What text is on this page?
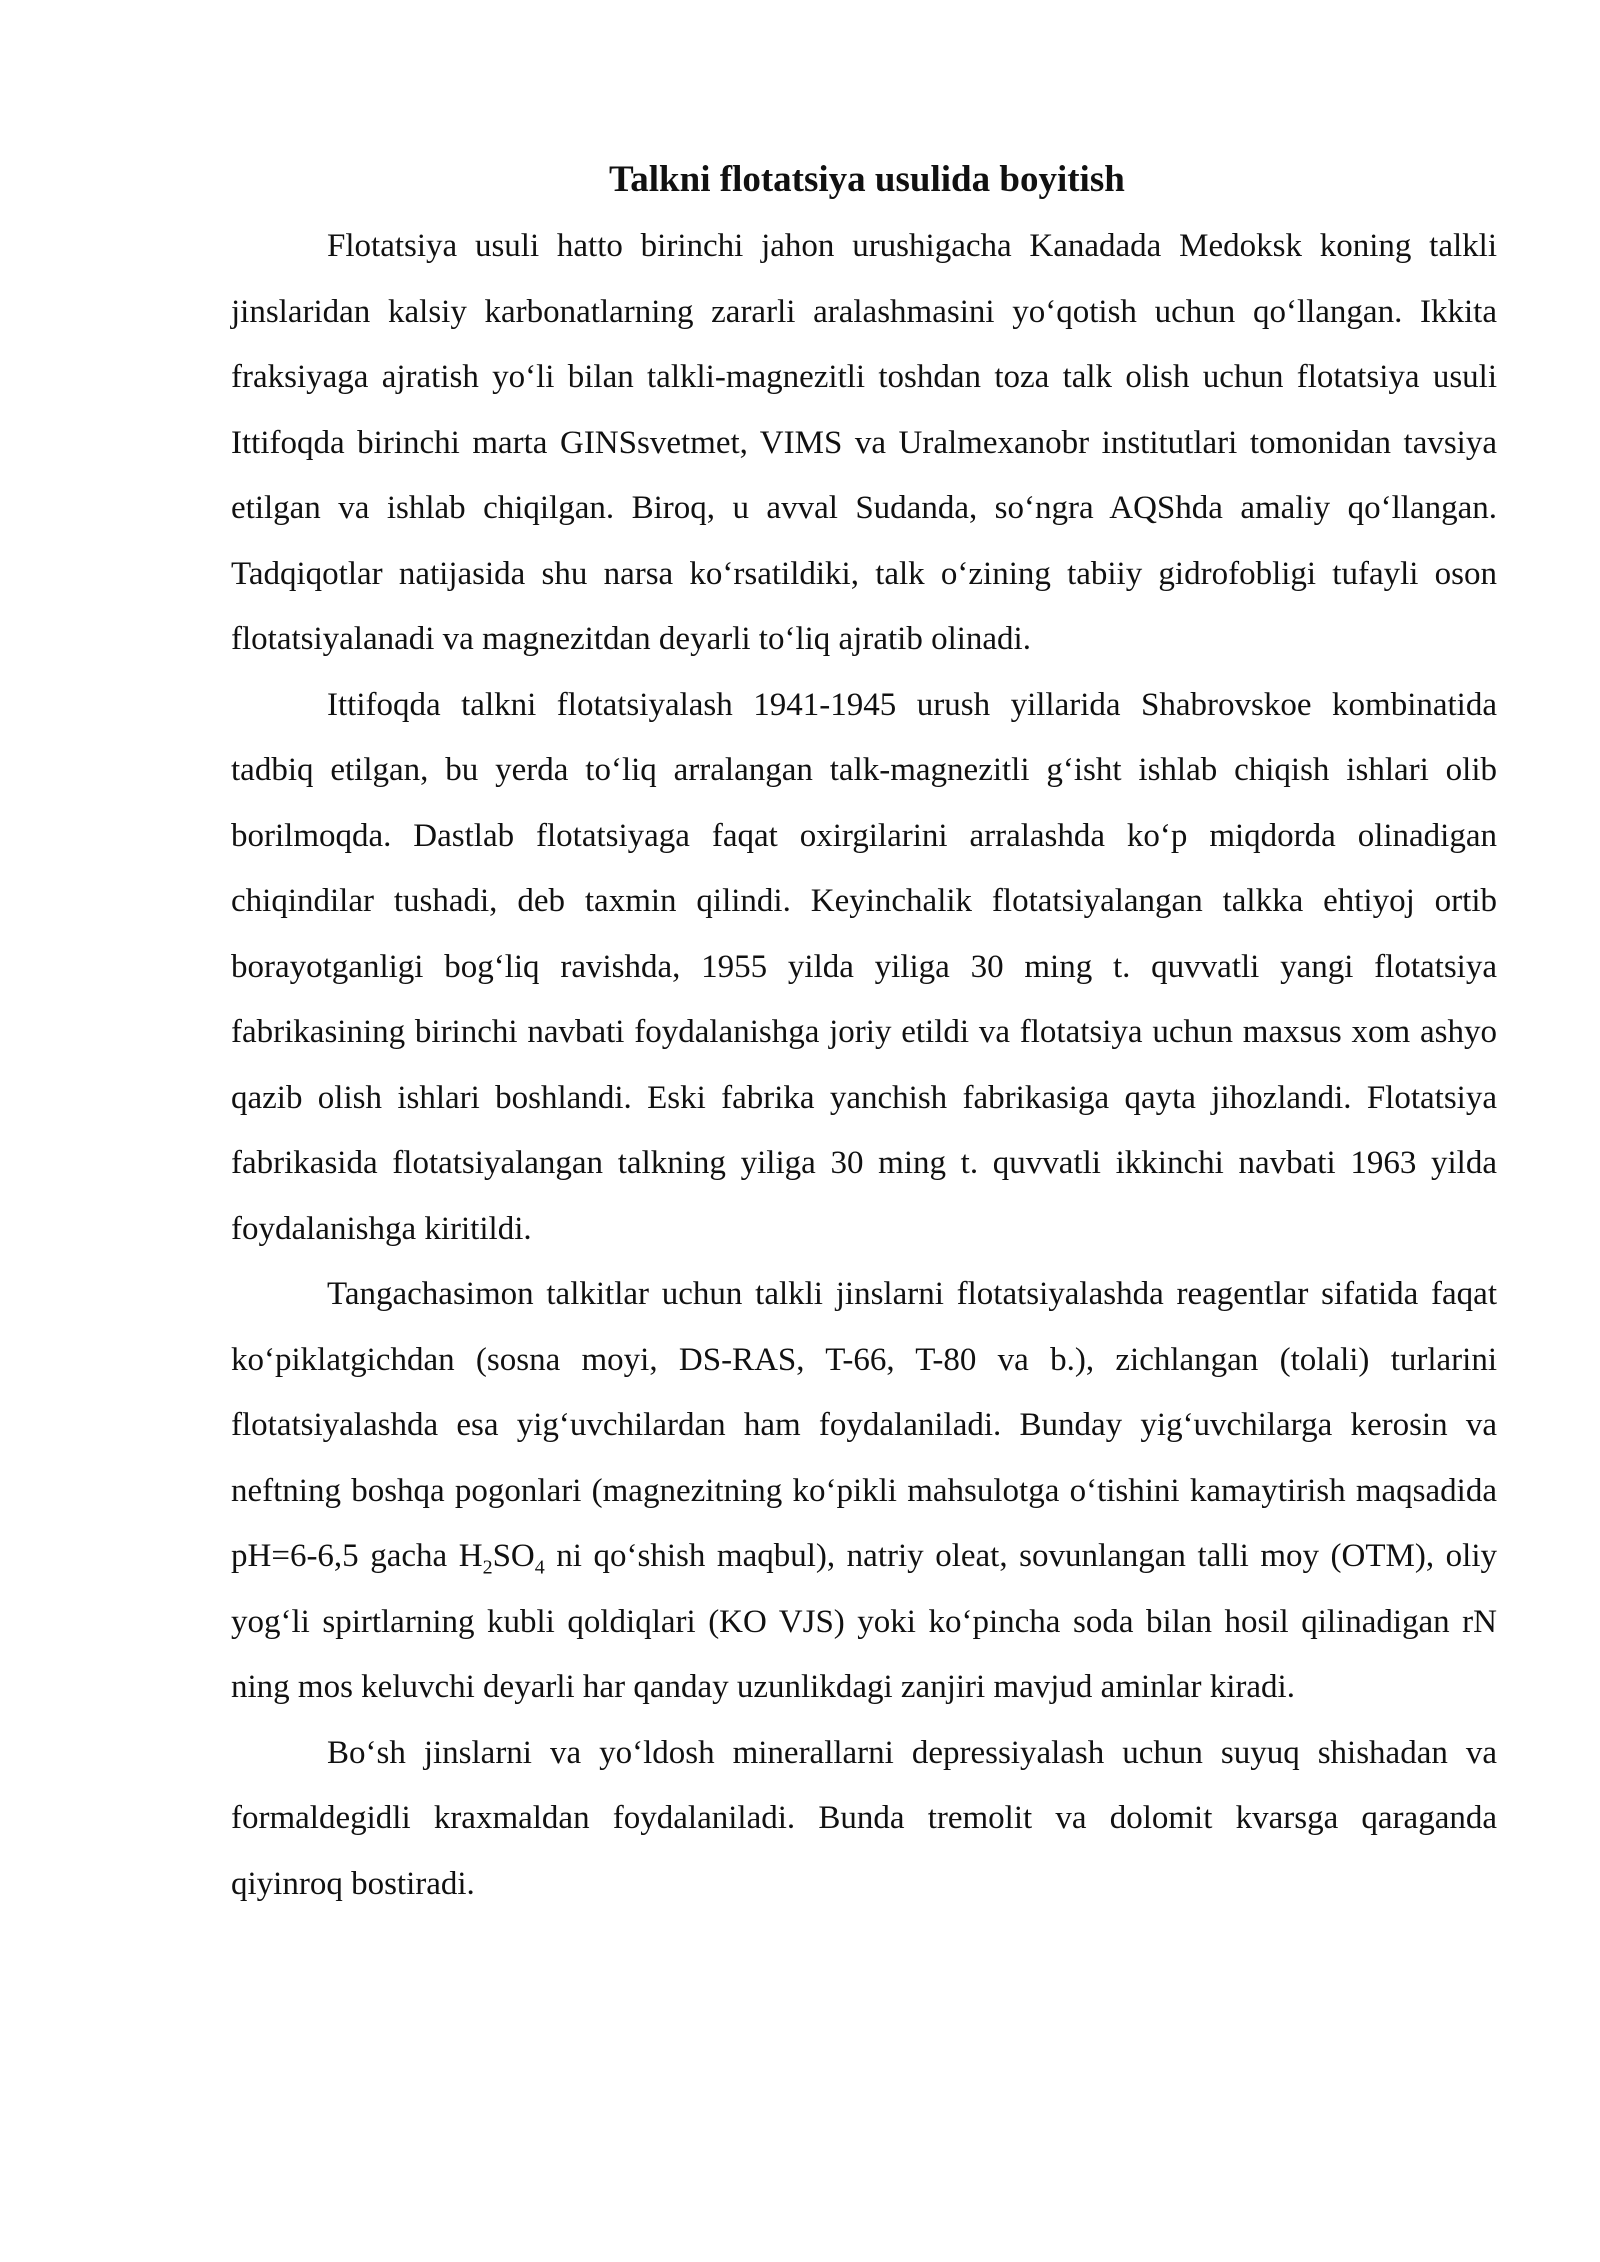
Talkni flotatsiya usulida boyitish

Flotatsiya usuli hatto birinchi jahon urushigacha Kanadada Medoksk koning talkli jinslaridan kalsiy karbonatlarning zararli aralashmasini yo‘qotish uchun qo‘llangan. Ikkita fraksiyaga ajratish yo‘li bilan talkli-magnezitli toshdan toza talk olish uchun flotatsiya usuli Ittifoqda birinchi marta GINSsvetmet, VIMS va Uralmexanobr institutlari tomonidan tavsiya etilgan va ishlab chiqilgan. Biroq, u avval Sudanda, so‘ngra AQShda amaliy qo‘llangan. Tadqiqotlar natijasida shu narsa ko‘rsatildiki, talk o‘zining tabiiy gidrofobligi tufayli oson flotatsiyalanadi va magnezitdan deyarli to‘liq ajratib olinadi.

Ittifoqda talkni flotatsiyalash 1941-1945 urush yillarida Shabrovskoe kombinatida tadbiq etilgan, bu yerda to‘liq arralangan talk-magnezitli g‘isht ishlab chiqish ishlari olib borilmoqda. Dastlab flotatsiyaga faqat oxirgilarini arralashda ko‘p miqdorda olinadigan chiqindilar tushadi, deb taxmin qilindi. Keyinchalik flotatsiyalangan talkka ehtiyoj ortib borayotganligi bog‘liq ravishda, 1955 yilda yiliga 30 ming t. quvvatli yangi flotatsiya fabrikasining birinchi navbati foydalanishga joriy etildi va flotatsiya uchun maxsus xom ashyo qazib olish ishlari boshlandi. Eski fabrika yanchish fabrikasiga qayta jihozlandi. Flotatsiya fabrikasida flotatsiyalangan talkning yiliga 30 ming t. quvvatli ikkinchi navbati 1963 yilda foydalanishga kiritildi.

Tangachasimon talkitlar uchun talkli jinslarni flotatsiyalashda reagentlar sifatida faqat ko‘piklatgichdan (sosna moyi, DS-RAS, T-66, T-80 va b.), zichlangan (tolali) turlarini flotatsiyalashda esa yig‘uvchilardan ham foydalaniladi. Bunday yig‘uvchilarga kerosin va neftning boshqa pogonlari (magnezitning ko‘pikli mahsulotga o‘tishini kamaytirish maqsadida pH=6-6,5 gacha $H_2SO_4$ ni qo‘shish maqbul), natriy oleat, sovunlangan talli moy (OTM), oliy yog‘li spirtlarning kubli qoldiqlari (KO VJS) yoki ko‘pincha soda bilan hosil qilinadigan rN ning mos keluvchi deyarli har qanday uzunlikdagi zanjiri mavjud aminlar kiradi.

Bo‘sh jinslarni va yo‘ldosh minerallarni depressiyalash uchun suyuq shishadan va formaldegidli kraxmaldan foydalaniladi. Bunda tremolit va dolomit kvarsga qaraganda qiyinroq bostiradi.
